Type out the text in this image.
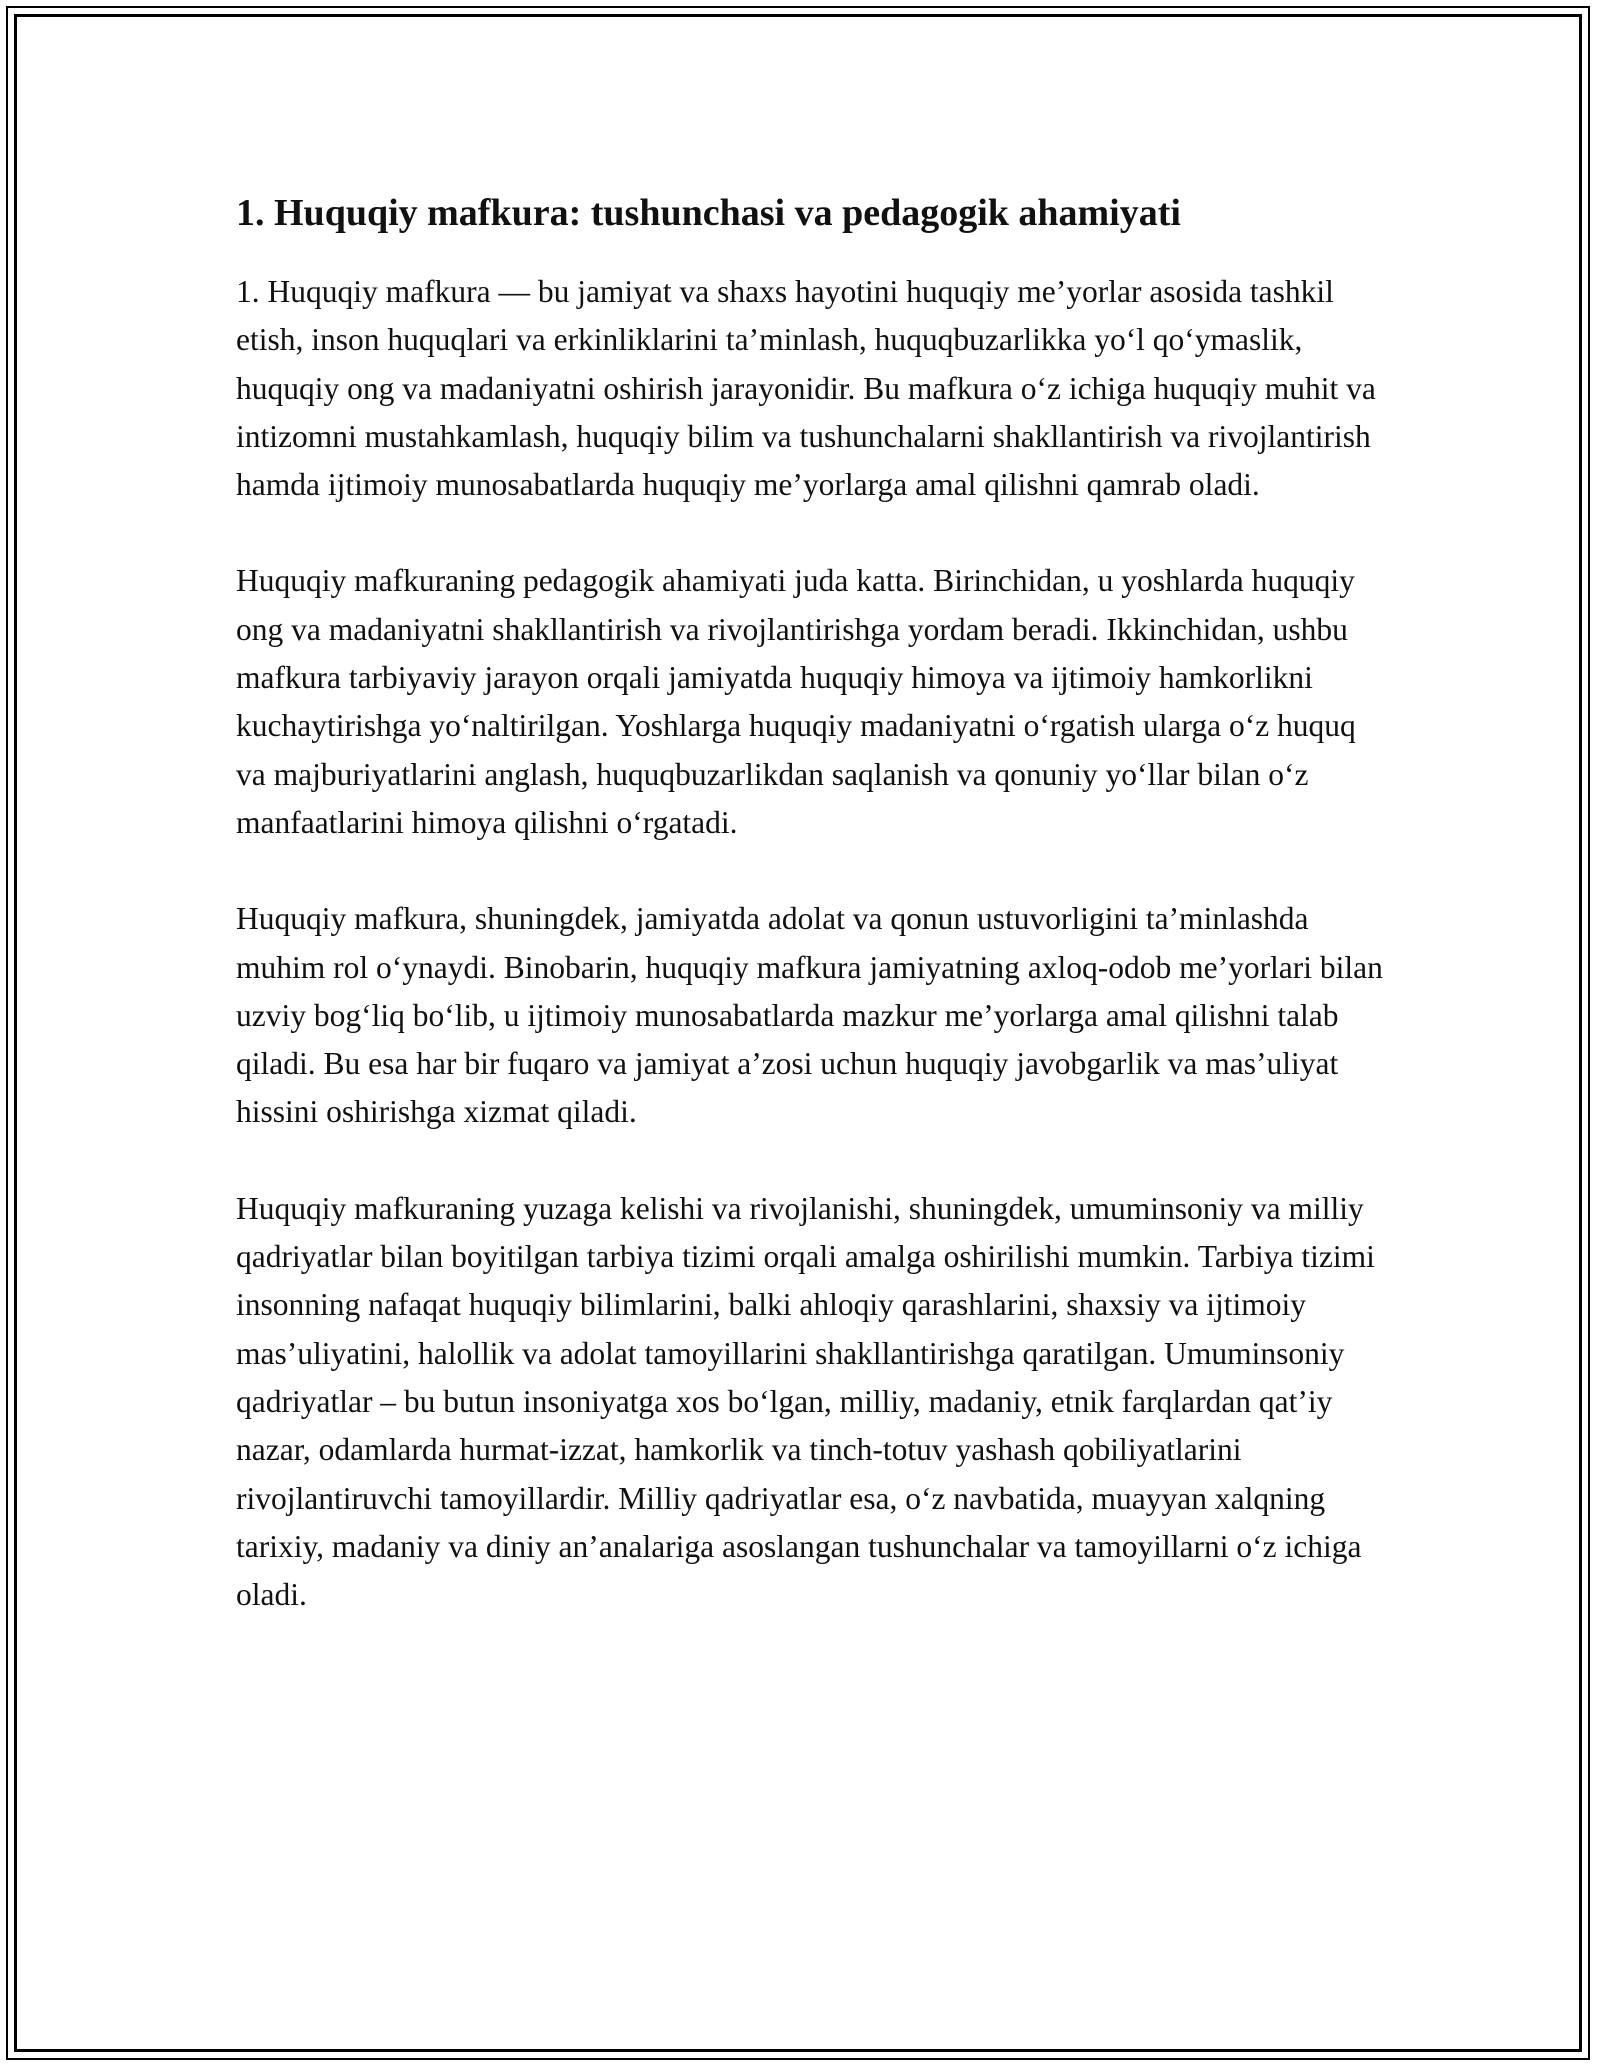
1. Huquqiy mafkura: tushunchasi va pedagogik ahamiyati

1. Huquqiy mafkura — bu jamiyat va shaxs hayotini huquqiy me’yorlar asosida tashkil etish, inson huquqlari va erkinliklarini ta’minlash, huquqbuzarlikka yo‘l qo‘ymaslik, huquqiy ong va madaniyatni oshirish jarayonidir. Bu mafkura o‘z ichiga huquqiy muhit va intizomni mustahkamlash, huquqiy bilim va tushunchalarni shakllantirish va rivojlantirish hamda ijtimoiy munosabatlarda huquqiy me’yorlarga amal qilishni qamrab oladi.

Huquqiy mafkuraning pedagogik ahamiyati juda katta. Birinchidan, u yoshlarda huquqiy ong va madaniyatni shakllantirish va rivojlantirishga yordam beradi. Ikkinchidan, ushbu mafkura tarbiyaviy jarayon orqali jamiyatda huquqiy himoya va ijtimoiy hamkorlikni kuchaytirishga yo‘naltirilgan. Yoshlarga huquqiy madaniyatni o‘rgatish ularga o‘z huquq va majburiyatlarini anglash, huquqbuzarlikdan saqlanish va qonuniy yo‘llar bilan o‘z manfaatlarini himoya qilishni o‘rgatadi.

Huquqiy mafkura, shuningdek, jamiyatda adolat va qonun ustuvorligini ta’minlashda muhim rol o‘ynaydi. Binobarin, huquqiy mafkura jamiyatning axloq-odob me’yorlari bilan uzviy bog‘liq bo‘lib, u ijtimoiy munosabatlarda mazkur me’yorlarga amal qilishni talab qiladi. Bu esa har bir fuqaro va jamiyat a’zosi uchun huquqiy javobgarlik va mas’uliyat hissini oshirishga xizmat qiladi.

Huquqiy mafkuraning yuzaga kelishi va rivojlanishi, shuningdek, umuminsoniy va milliy qadriyatlar bilan boyitilgan tarbiya tizimi orqali amalga oshirilishi mumkin. Tarbiya tizimi insonning nafaqat huquqiy bilimlarini, balki ahloqiy qarashlarini, shaxsiy va ijtimoiy mas’uliyatini, halollik va adolat tamoyillarini shakllantirishga qaratilgan. Umuminsoniy qadriyatlar – bu butun insoniyatga xos bo‘lgan, milliy, madaniy, etnik farqlardan qat’iy nazar, odamlarda hurmat-izzat, hamkorlik va tinch-totuv yashash qobiliyatlarini rivojlantiruvchi tamoyillardir. Milliy qadriyatlar esa, o‘z navbatida, muayyan xalqning tarixiy, madaniy va diniy an’analariga asoslangan tushunchalar va tamoyillarni o‘z ichiga oladi.
